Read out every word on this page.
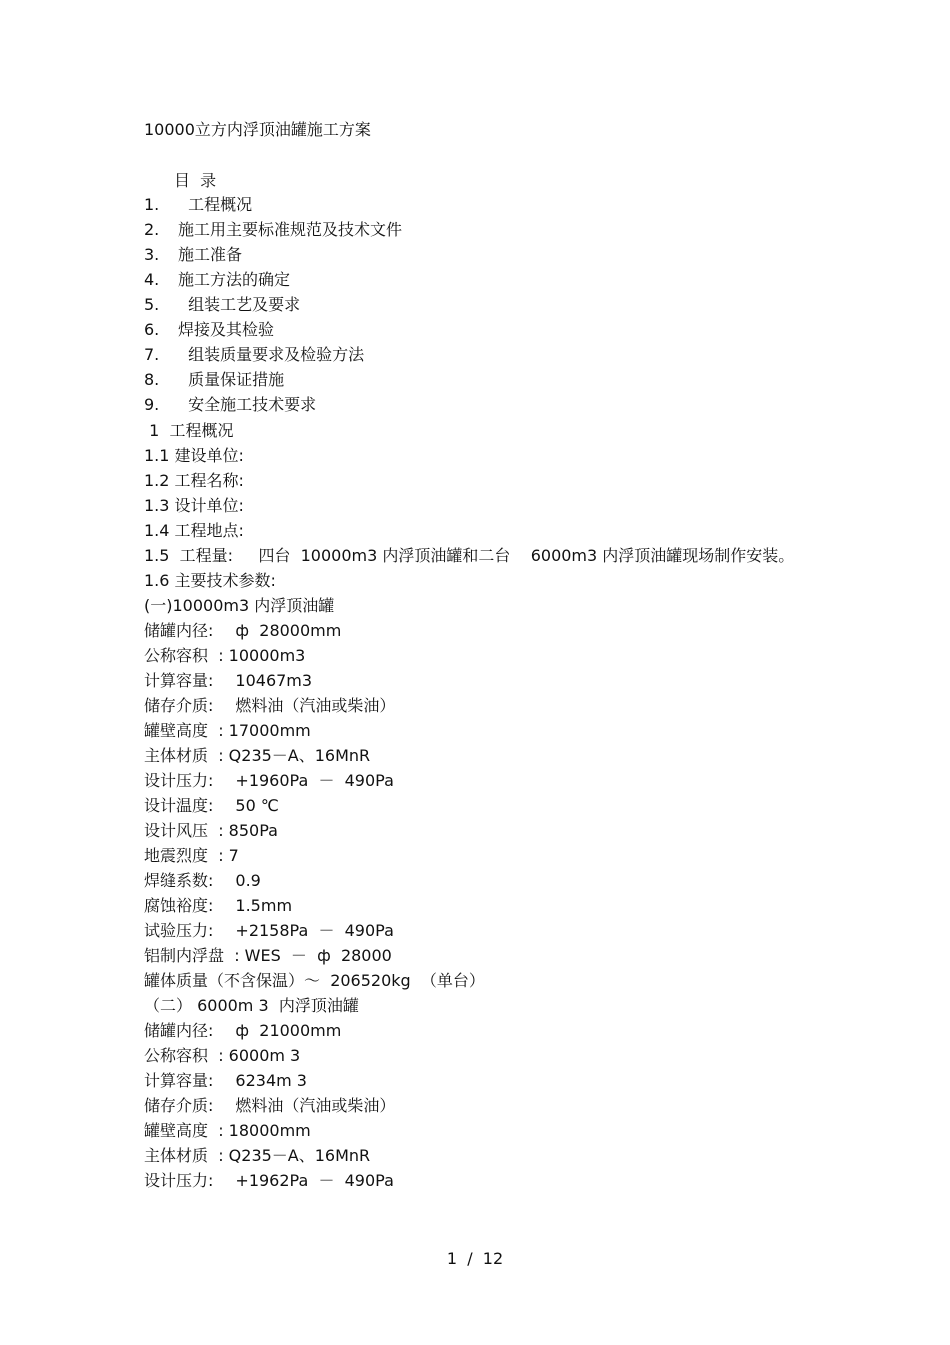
10000立方内浮顶油罐施工方案
目  录
1.	工程概况
2.	施工用主要标准规范及技术文件
3.	施工准备
4.	施工方法的确定
5.	组装工艺及要求
6.	焊接及其检验
7.	组装质量要求及检验方法
8.	质量保证措施
9.	安全施工技术要求
1  工程概况
1.1 建设单位:
1.2 工程名称:
1.3 设计单位:
1.4 工程地点:
1.5  工程量:     四台  10000m3 内浮顶油罐和二台    6000m3 内浮顶油罐现场制作安装。
1.6 主要技术参数:
(一)10000m3 内浮顶油罐
储罐内径:	ф  28000mm
公称容积 : 10000m3
计算容量:	10467m3
储存介质:	燃料油（汽油或柴油）
罐壁高度 : 17000mm
主体材质 : Q235－A、16MnR
设计压力:	+1960Pa  －  490Pa
设计温度:	50 ℃
设计风压 : 850Pa
地震烈度 : 7
焊缝系数:	0.9
腐蚀裕度:	1.5mm
试验压力:	+2158Pa  －  490Pa
铝制内浮盘 : WES  －  ф  28000
罐体质量（不含保温）～ 206520kg  （单台）
（二） 6000m 3  内浮顶油罐
储罐内径:	ф  21000mm
公称容积 : 6000m 3
计算容量:	6234m 3
储存介质:	燃料油（汽油或柴油）
罐壁高度 : 18000mm
主体材质 : Q235－A、16MnR
设计压力:	+1962Pa  －  490Pa
1  /  12
